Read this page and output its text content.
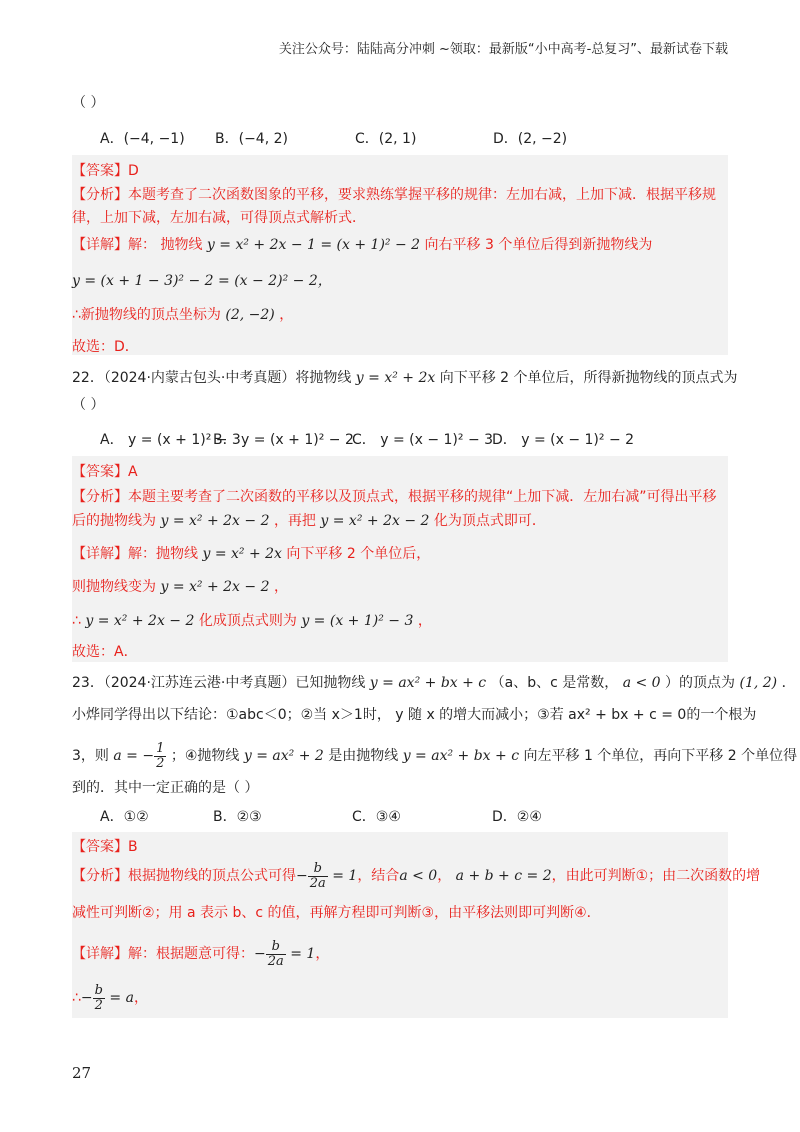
关注公众号：陆陆高分冲刺 ~领取：最新版“小中高考-总复习”、最新试卷下载
（ ）
A．(−4, −1) B．(−4, 2)	C．(2, 1)	D．(2, −2)
【答案】D
【分析】本题考查了二次函数图象的平移，要求熟练掌握平移的规律：左加右减，上加下减．根据平移规
律，上加下减，左加右减，可得顶点式解析式．
【详解】解： 抛物线 y = x² + 2x − 1 = (x + 1)² − 2 向右平移 3 个单位后得到新抛物线为
y = (x + 1 − 3)² − 2 = (x − 2)² − 2，
∴新抛物线的顶点坐标为 (2, −2) ，
故选：D．
22．（2024·内蒙古包头·中考真题）将抛物线 y = x² + 2x 向下平移 2 个单位后，所得新抛物线的顶点式为
（ ）
A． y = (x + 1)² − 3
B． y = (x + 1)² − 2
C． y = (x − 1)² − 3
D． y = (x − 1)² − 2
【答案】A
【分析】本题主要考查了二次函数的平移以及顶点式，根据平移的规律“上加下减．左加右减”可得出平移
后的抛物线为 y = x² + 2x − 2 ，再把 y = x² + 2x − 2 化为顶点式即可．
【详解】解：抛物线 y = x² + 2x 向下平移 2 个单位后，
则抛物线变为 y = x² + 2x − 2 ，
∴ y = x² + 2x − 2 化成顶点式则为 y = (x + 1)² − 3 ，
故选：A．
23．（2024·江苏连云港·中考真题）已知抛物线 y = ax² + bx + c （a、b、c 是常数， a < 0 ）的顶点为 (1, 2) ．
小烨同学得出以下结论：①abc＜0；②当 x＞1时， y 随 x 的增大而减小；③若 ax² + bx + c = 0的一个根为
3，则 a = − $\frac{1}{2}$ ；④抛物线 y = ax² + 2 是由抛物线 y = ax² + bx + c 向左平移 1 个单位，再向下平移 2 个单位得
到的．其中一定正确的是（ ）
A．①②	B．②③	C．③④	D．②④
【答案】B
【分析】根据抛物线的顶点公式可得− $\frac{b}{2a} = 1$，结合a < 0， a + b + c = 2，由此可判断①；由二次函数的增
减性可判断②；用 a 表示 b、c 的值，再解方程即可判断③，由平移法则即可判断④．
【详解】解：根据题意可得：− $\frac{b}{2a} = 1$，
∴− $\frac{b}{2} = a$，
27
